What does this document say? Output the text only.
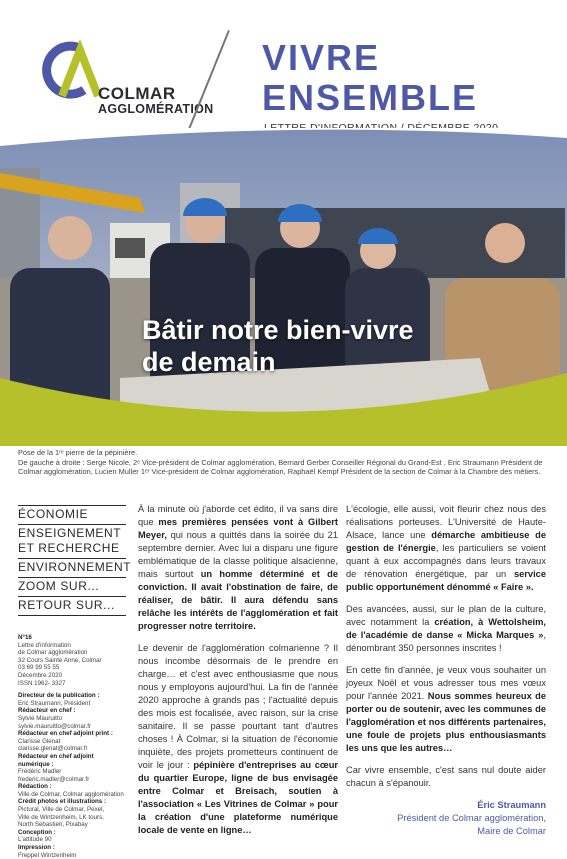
COLMAR
AGGLOMÉRATION
VIVRE
ENSEMBLE
Bâtir notre bien-vivre
de demain
Pose de la 1ʳᵉ pierre de la pépinière.
De gauche à droite : Serge Nicole, 2ᵉ Vice-président de Colmar agglomération, Bernard Gerber Conseiller Régional du Grand-Est , Eric Straumann Président de Colmar agglomération, Lucien Muller 1ᵉʳ Vice-président de Colmar agglomération, Raphaël Kempf Président de la section de Colmar à la Chambre des métiers.
ÉCONOMIE
ENSEIGNEMENT ET RECHERCHE
ENVIRONNEMENT
ZOOM SUR...
RETOUR SUR...
N°16
Lettre d'information
de Colmar agglomération
32 Cours Sainte Anne, Colmar
03 69 99 55 55
Décembre 2020
ISSN 1962- 3327
Directeur de la publication :
Eric Straumann, Président
Rédacteur en chef :
Sylvie Mauruitto
sylvie.mauruitto@colmar.fr
Rédacteur en chef adjoint print :
Clarisse Glenat
clarisse.glenat@colmar.fr
Rédacteur en chef adjoint numérique :
Frédéric Madler
frederic.madler@colmar.fr
Rédaction :
Ville de Colmar, Colmar agglomération
Crédit photos et illustrations :
Pictural, Ville de Colmar, Pexel,
Ville de Wintzenheim, LK tours,
North Sebastien, Pixabay
Conception :
L'attitude 90
Impression :
Freppel Wintzenheim

À la minute où j'aborde cet édito, il va sans dire que mes premières pensées vont à Gilbert Meyer, qui nous a quittés dans la soirée du 21 septembre dernier. Avec lui a disparu une figure emblématique de la classe politique alsacienne, mais surtout un homme déterminé et de conviction. Il avait l'obstination de faire, de réaliser, de bâtir. Il aura défendu sans relâche les intérêts de l'agglomération et fait progresser notre territoire.

Le devenir de l'agglomération colmarienne ? Il nous incombe désormais de le prendre en charge… et c'est avec enthousiasme que nous nous y employons aujourd'hui. La fin de l'année 2020 approche à grands pas ; l'actualité depuis des mois est focalisée, avec raison, sur la crise sanitaire. Il se passe pourtant tant d'autres choses ! À Colmar, si la situation de l'économie inquiète, des projets prometteurs continuent de voir le jour : pépinière d'entreprises au cœur du quartier Europe, ligne de bus envisagée entre Colmar et Breisach, soutien à l'association « Les Vitrines de Colmar » pour la création d'une plateforme numérique locale de vente en ligne…

L'écologie, elle aussi, voit fleurir chez nous des réalisations porteuses. L'Université de Haute-Alsace, lance une démarche ambitieuse de gestion de l'énergie, les particuliers se voient quant à eux accompagnés dans leurs travaux de rénovation énergétique, par un service public opportunément dénommé « Faire ».

Des avancées, aussi, sur le plan de la culture, avec notamment la création, à Wettolsheim, de l'académie de danse « Micka Marques », dénombrant 350 personnes inscrites !

En cette fin d'année, je veux vous souhaiter un joyeux Noël et vous adresser tous mes vœux pour l'année 2021. Nous sommes heureux de porter ou de soutenir, avec les communes de l'agglomération et nos différents partenaires, une foule de projets plus enthousiasmants les uns que les autres…

Car vivre ensemble, c'est sans nul doute aider chacun à s'épanouir.

Éric Straumann
Président de Colmar agglomération,
Maire de Colmar
